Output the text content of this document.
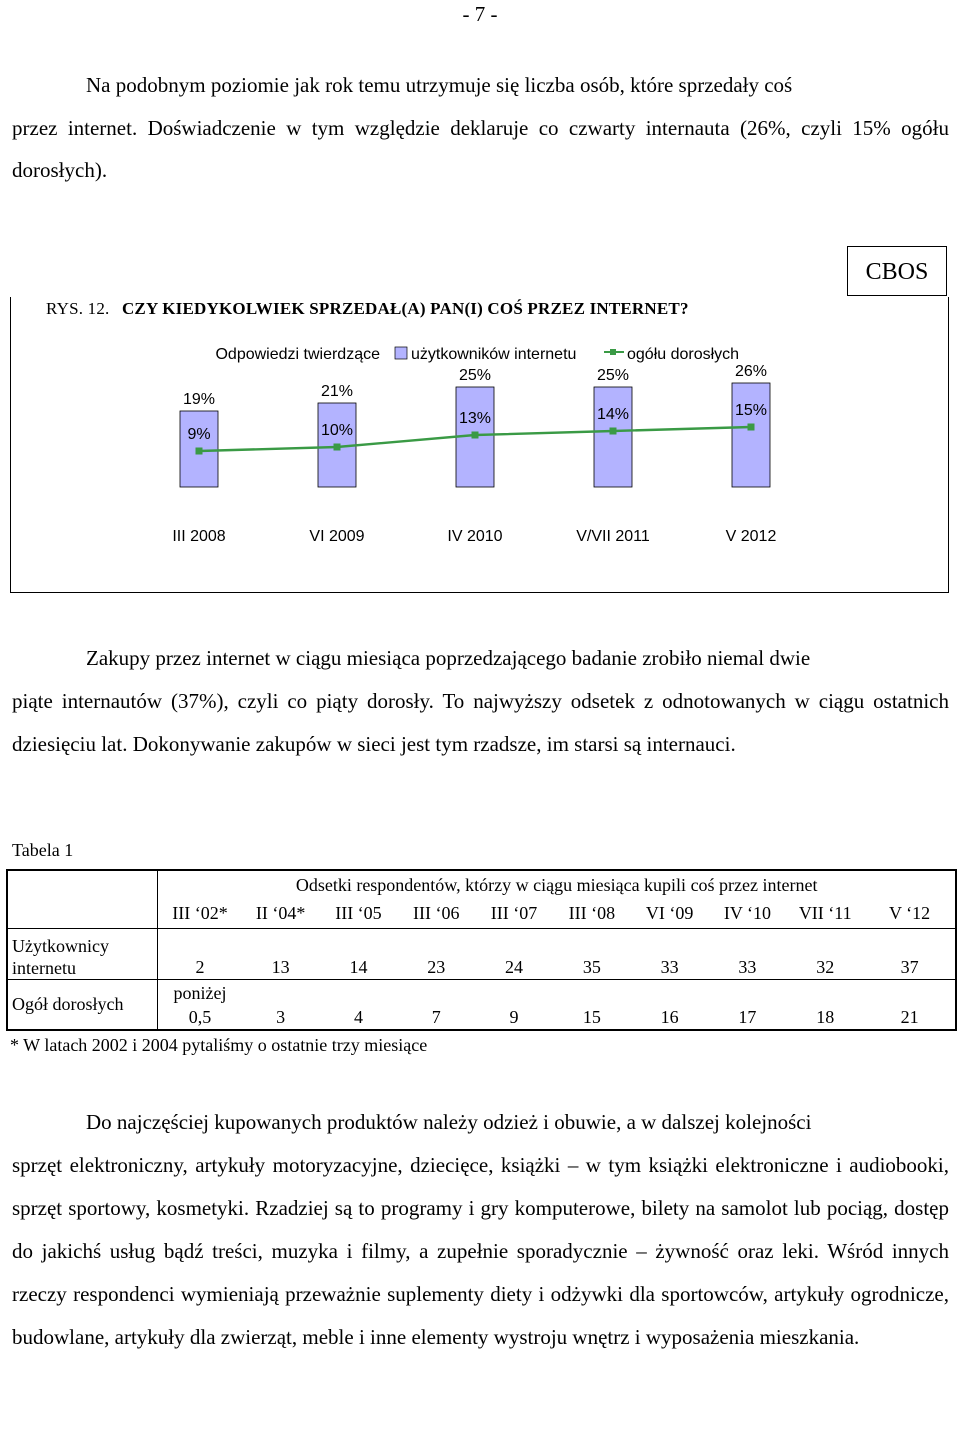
- 7 -
Na podobnym poziomie jak rok temu utrzymuje się liczba osób, które sprzedały coś
przez internet. Doświadczenie w tym względzie deklaruje co czwarty internauta (26%, czyli 15% ogółu dorosłych).
CBOS
RYS. 12. CZY KIEDYKOLWIEK SPRZEDAŁ(A) PAN(I) COŚ PRZEZ INTERNET?
Odpowiedzi twierdzące użytkowników internetu	ogółu dorosłych
19%
III 2008
21%
VI 2009
25%
IV 2010
25%
V/VII 2011
26%
V 2012
9%	10%
13%	14%	15%
Zakupy przez internet w ciągu miesiąca poprzedzającego badanie zrobiło niemal dwie
piąte internautów (37%), czyli co piąty dorosły. To najwyższy odsetek z odnotowanych w ciągu ostatnich dziesięciu lat. Dokonywanie zakupów w sieci jest tym rzadsze, im starsi są internauci.
Tabela 1
	Odsetki respondentów, którzy w ciągu miesiąca kupili coś przez internet									
	III ‘02*	II ‘04*	III ‘05	III ‘06	III ‘07	III ‘08	VI ‘09	IV ‘10	VII ‘11	V ‘12

Użytkownicy
internetu	2	13	14	23	24	35	33	33	32	37

Ogół dorosłych	poniżej
0,5	3	4	7	9	15	16	17	18	21
* W latach 2002 i 2004 pytaliśmy o ostatnie trzy miesiące
Do najczęściej kupowanych produktów należy odzież i obuwie, a w dalszej kolejności
sprzęt elektroniczny, artykuły motoryzacyjne, dziecięce, książki – w tym książki elektroniczne i audiobooki, sprzęt sportowy, kosmetyki. Rzadziej są to programy i gry komputerowe, bilety na samolot lub pociąg, dostęp do jakichś usług bądź treści, muzyka i filmy, a zupełnie sporadycznie – żywność oraz leki. Wśród innych rzeczy respondenci wymieniają przeważnie suplementy diety i odżywki dla sportowców, artykuły ogrodnicze, budowlane, artykuły dla zwierząt, meble i inne elementy wystroju wnętrz i wyposażenia mieszkania.
